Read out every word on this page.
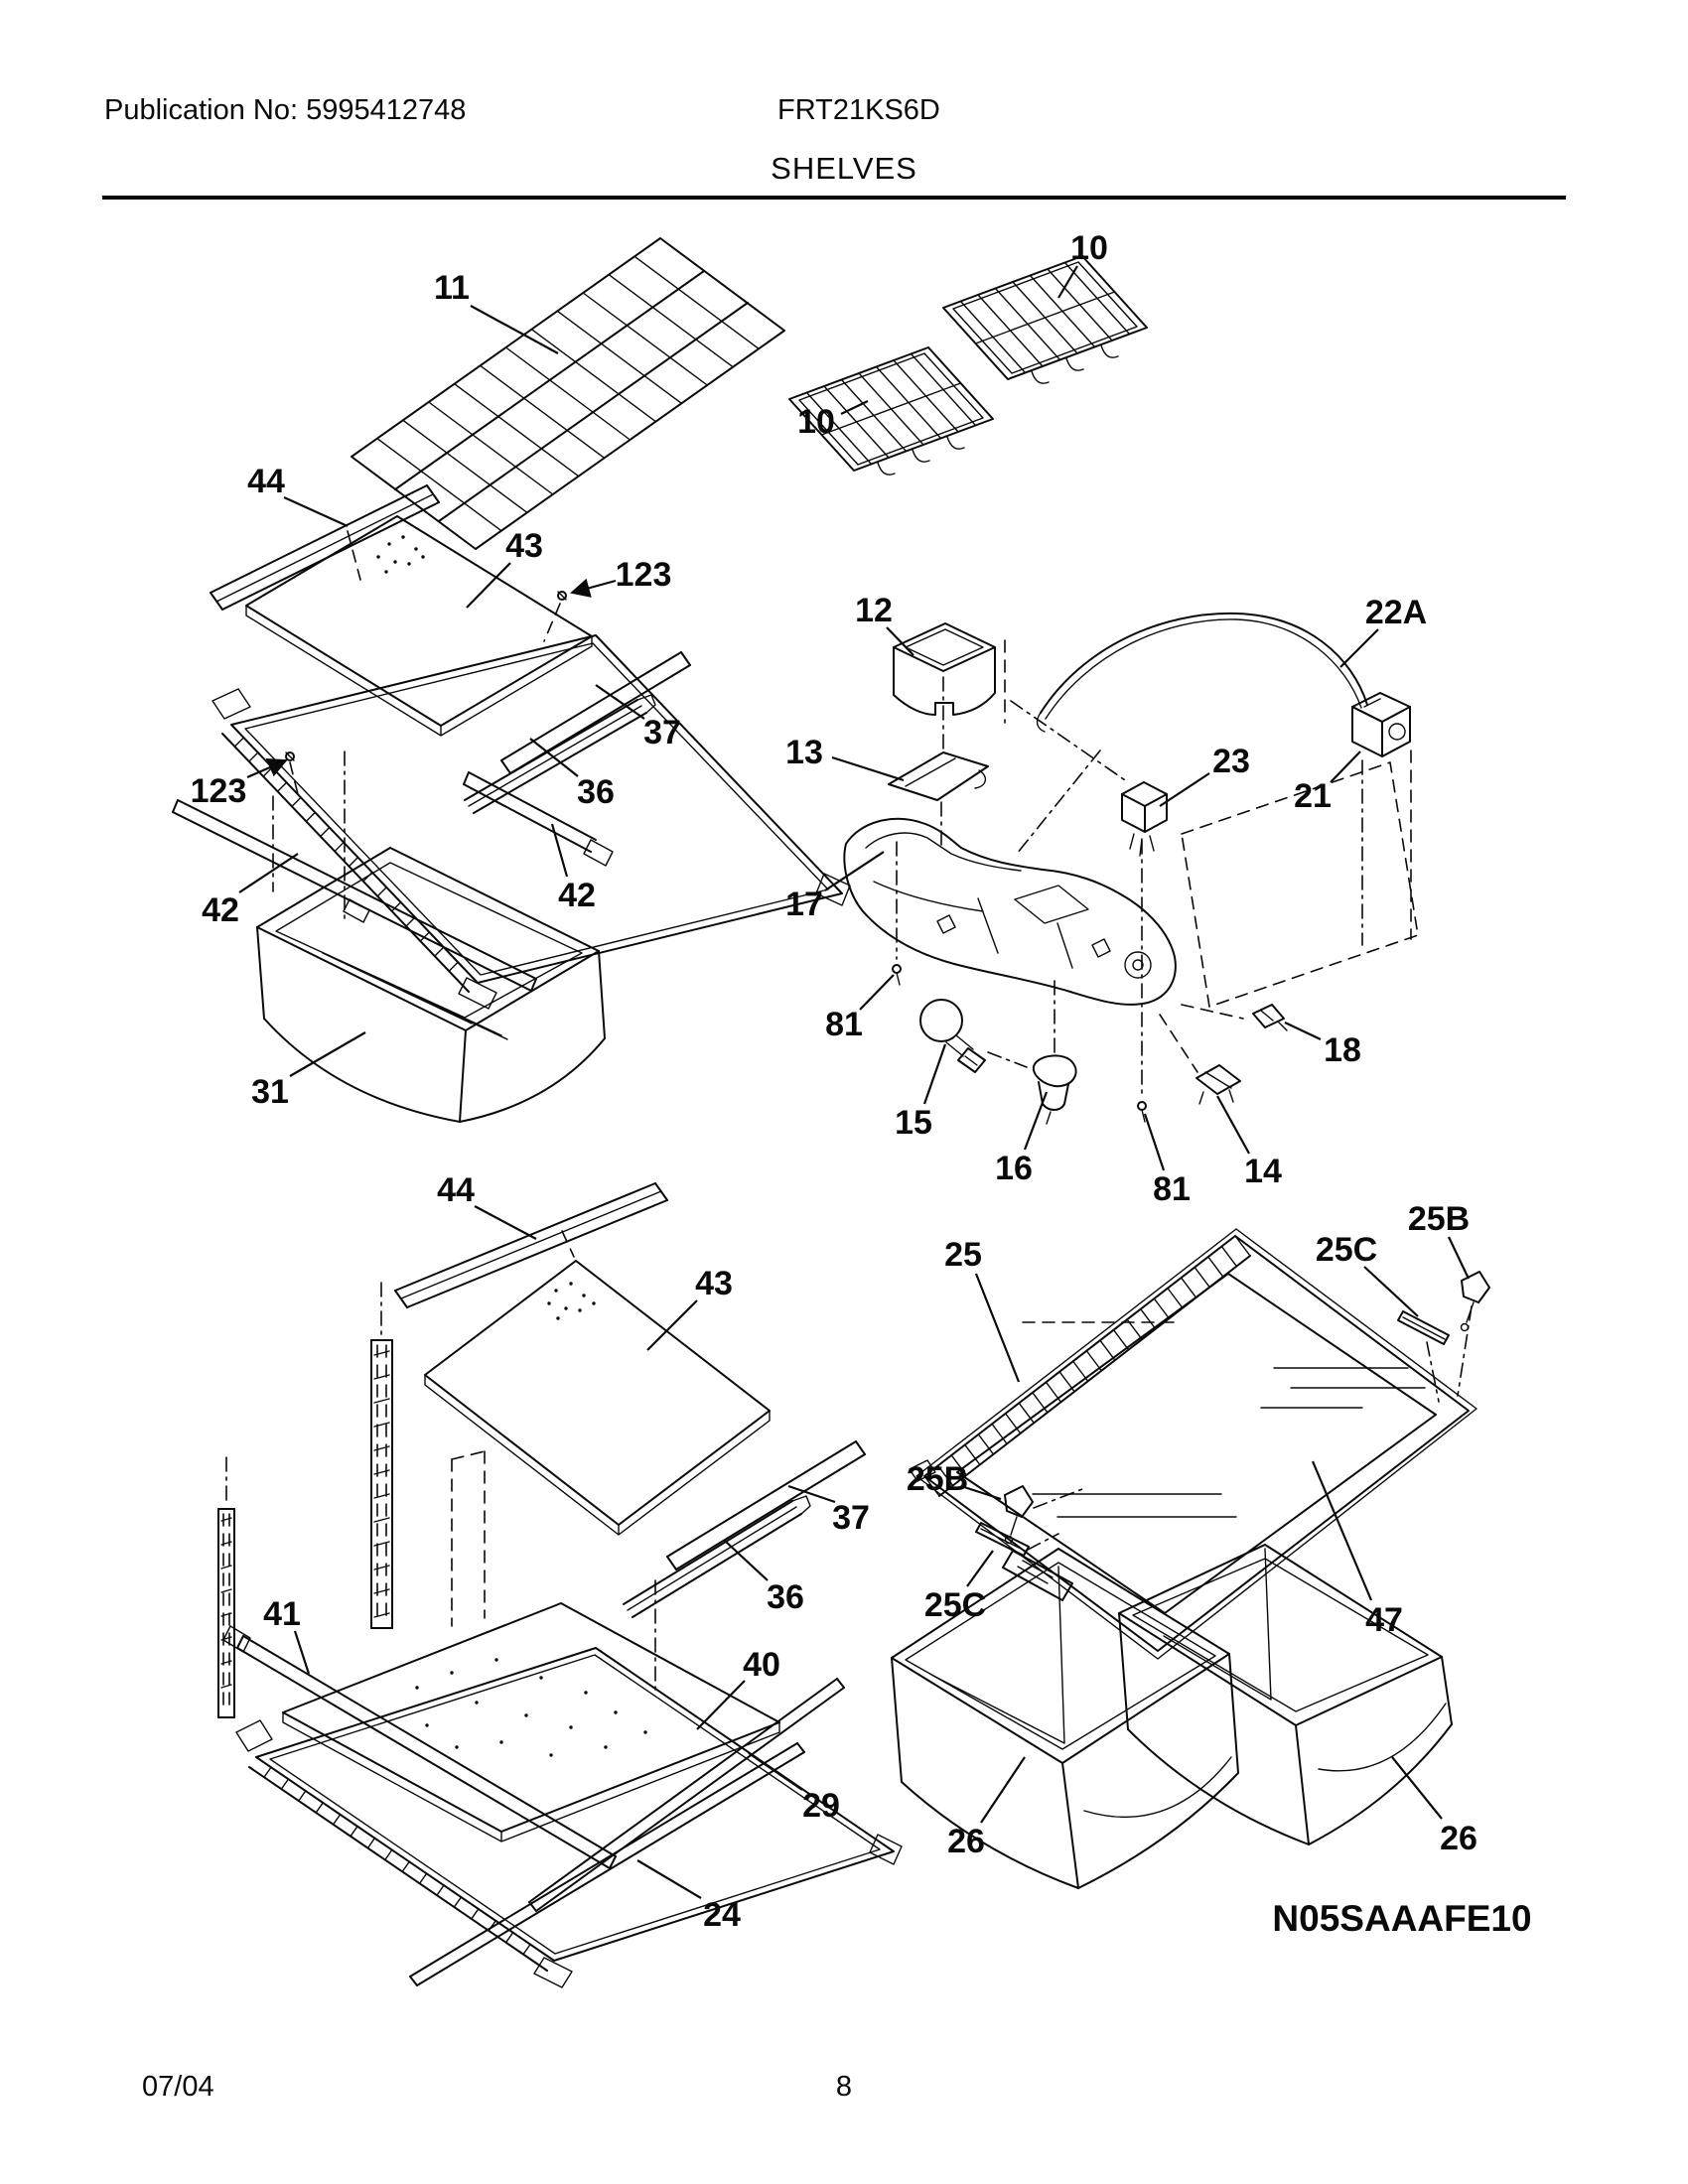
Publication No: 5995412748	FRT21KS6D
SHELVES
11
10
10
44
43
123
37
36
123
42	42
31
12	22A
13	23
21
17
81
15
16
81 14
18
44
43
37
36
41
40
29
24
25	25C
25B
47
25B
25C
26	26
N05SAAAFE10
07/04	8
